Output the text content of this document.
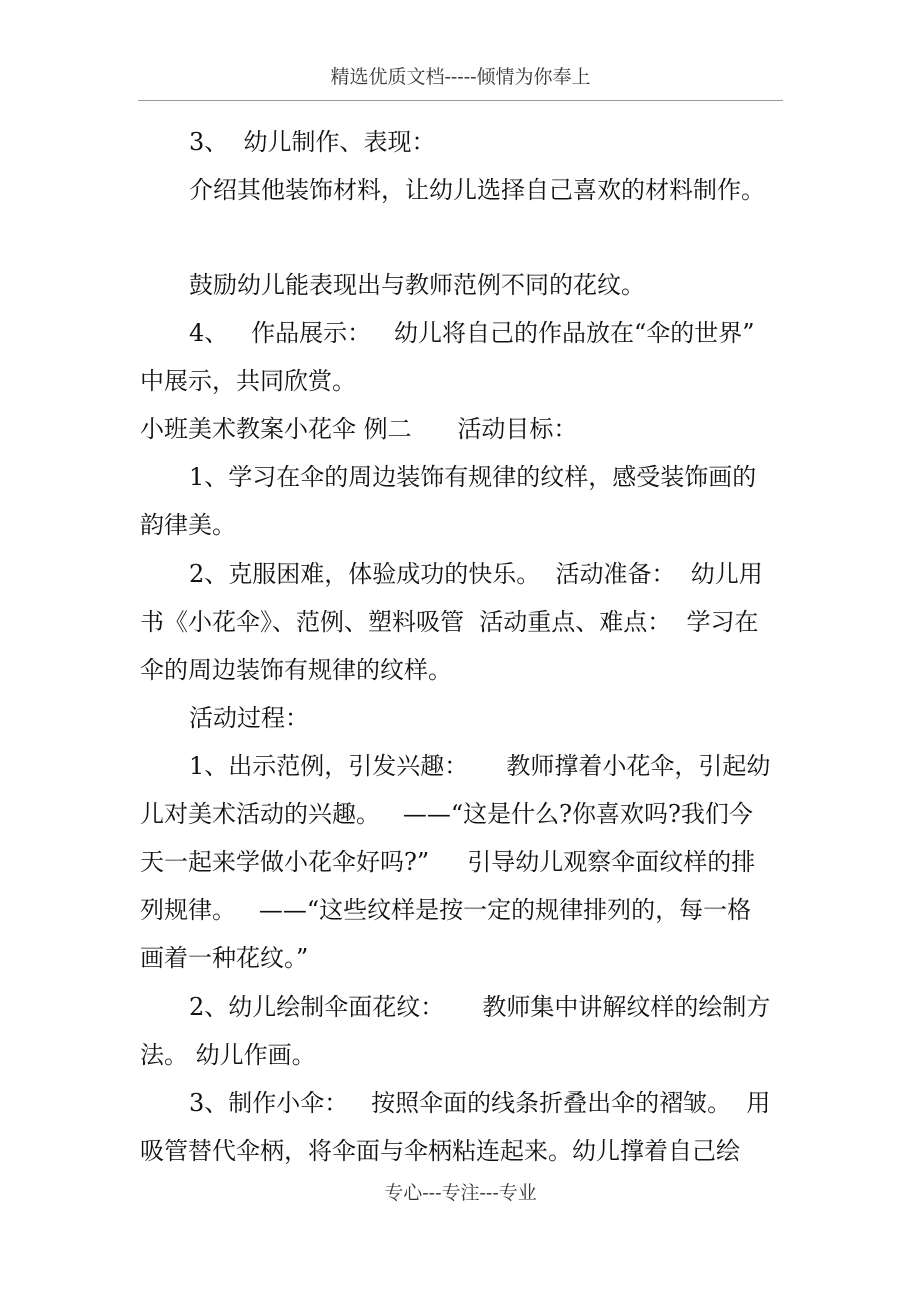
精选优质文档-----倾情为你奉上
3、  幼儿制作、表现：
介绍其他装饰材料，让幼儿选择自己喜欢的材料制作。
鼓励幼儿能表现出与教师范例不同的花纹。
4、   作品展示：   幼儿将自己的作品放在“伞的世界”
中展示，共同欣赏。
小班美术教案小花伞 例二      活动目标：
1、学习在伞的周边装饰有规律的纹样，感受装饰画的
韵律美。
2、克服困难，体验成功的快乐。  活动准备：  幼儿用
书《小花伞》、范例、塑料吸管  活动重点、难点：  学习在
伞的周边装饰有规律的纹样。
活动过程：
1、出示范例，引发兴趣：     教师撑着小花伞，引起幼
儿对美术活动的兴趣。   ——“这是什么?你喜欢吗?我们今
天一起来学做小花伞好吗?”     引导幼儿观察伞面纹样的排
列规律。   ——“这些纹样是按一定的规律排列的，每一格
画着一种花纹。”
2、幼儿绘制伞面花纹：     教师集中讲解纹样的绘制方
法。 幼儿作画。
3、制作小伞：   按照伞面的线条折叠出伞的褶皱。  用
吸管替代伞柄，将伞面与伞柄粘连起来。幼儿撑着自己绘
专心---专注---专业
